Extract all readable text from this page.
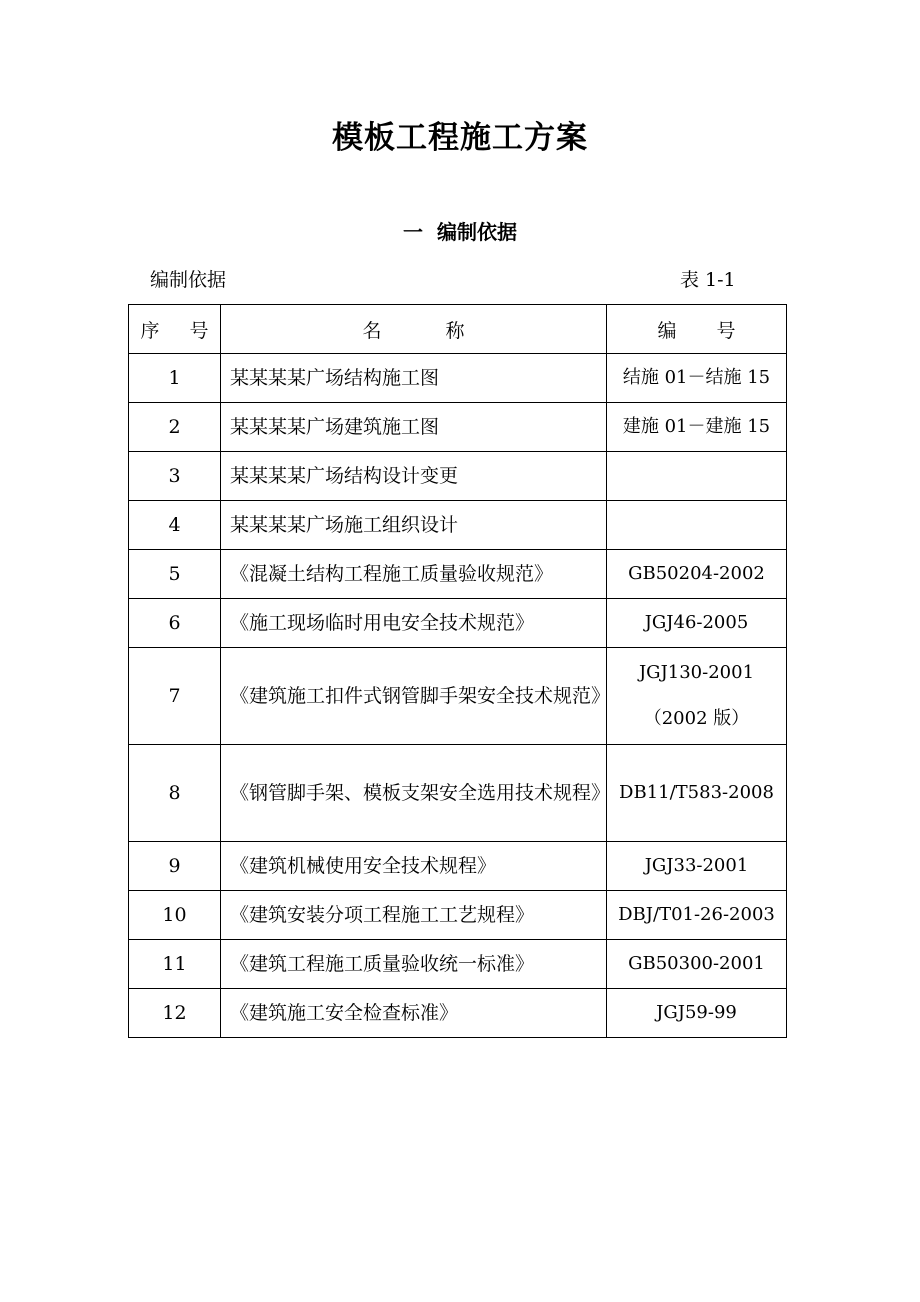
模板工程施工方案
一 编制依据
编制依据	表 1-1
序 号	名 称	编 号
1	某某某某广场结构施工图	结施 01－结施 15
2	某某某某广场建筑施工图	建施 01－建施 15
3	某某某某广场结构设计变更	
4	某某某某广场施工组织设计	
5	《混凝土结构工程施工质量验收规范》	GB50204-2002
6	《施工现场临时用电安全技术规范》	JGJ46-2005
7	《建筑施工扣件式钢管脚手架安全技术规范》	JGJ130-2001
（2002 版）

8	《钢管脚手架、模板支架安全选用技术规程》	DB11/T583-2008
9	《建筑机械使用安全技术规程》	JGJ33-2001
10	《建筑安装分项工程施工工艺规程》	DBJ/T01-26-2003
11	《建筑工程施工质量验收统一标准》	GB50300-2001
12	《建筑施工安全检查标准》	JGJ59-99
